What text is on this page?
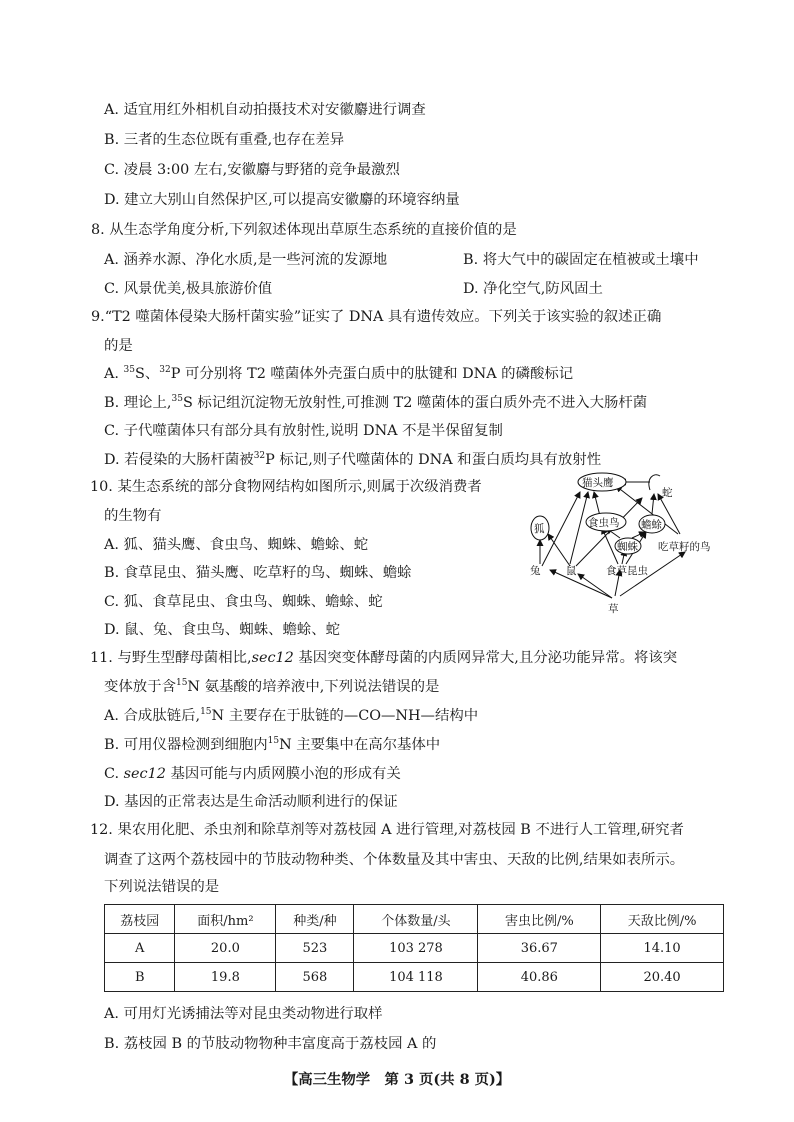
A. 适宜用红外相机自动拍摄技术对安徽麝进行调查
B. 三者的生态位既有重叠,也存在差异
C. 凌晨 3:00 左右,安徽麝与野猪的竞争最激烈
D. 建立大别山自然保护区,可以提高安徽麝的环境容纳量
8. 从生态学角度分析,下列叙述体现出草原生态系统的直接价值的是
A. 涵养水源、净化水质,是一些河流的发源地	B. 将大气中的碳固定在植被或土壤中
C. 风景优美,极具旅游价值	D. 净化空气,防风固土
9.“T2 噬菌体侵染大肠杆菌实验”证实了 DNA 具有遗传效应。下列关于该实验的叙述正确
的是
A. $^{35}$S、$^{32}$P 可分别将 T2 噬菌体外壳蛋白质中的肽键和 DNA 的磷酸标记
B. 理论上,$^{35}$S 标记组沉淀物无放射性,可推测 T2 噬菌体的蛋白质外壳不进入大肠杆菌
C. 子代噬菌体只有部分具有放射性,说明 DNA 不是半保留复制
D. 若侵染的大肠杆菌被$^{32}$P 标记,则子代噬菌体的 DNA 和蛋白质均具有放射性
10. 某生态系统的部分食物网结构如图所示,则属于次级消费者
的生物有
A. 狐、猫头鹰、食虫鸟、蜘蛛、蟾蜍、蛇
B. 食草昆虫、猫头鹰、吃草籽的鸟、蜘蛛、蟾蜍
C. 狐、食草昆虫、食虫鸟、蜘蛛、蟾蜍、蛇
D. 鼠、兔、食虫鸟、蜘蛛、蟾蜍、蛇
猫头鹰
蛇
狐	食虫鸟 蟾蜍
蜘蛛 吃草籽的鸟
兔 鼠	食草昆虫
草
11. 与野生型酵母菌相比,sec12 基因突变体酵母菌的内质网异常大,且分泌功能异常。将该突
变体放于含$^{15}$N 氨基酸的培养液中,下列说法错误的是
A. 合成肽链后,$^{15}$N 主要存在于肽链的—CO—NH—结构中
B. 可用仪器检测到细胞内$^{15}$N 主要集中在高尔基体中
C. sec12 基因可能与内质网膜小泡的形成有关
D. 基因的正常表达是生命活动顺利进行的保证
12. 果农用化肥、杀虫剂和除草剂等对荔枝园 A 进行管理,对荔枝园 B 不进行人工管理,研究者
调查了这两个荔枝园中的节肢动物种类、个体数量及其中害虫、天敌的比例,结果如表所示。
下列说法错误的是
荔枝园	面积/hm²	种类/种	个体数量/头	害虫比例/%	天敌比例/%
A	20.0	523	103 278	36.67	14.10
B	19.8	568	104 118	40.86	20.40
A. 可用灯光诱捕法等对昆虫类动物进行取样
B. 荔枝园 B 的节肢动物物种丰富度高于荔枝园 A 的
【高三生物学　第 3 页(共 8 页)】
